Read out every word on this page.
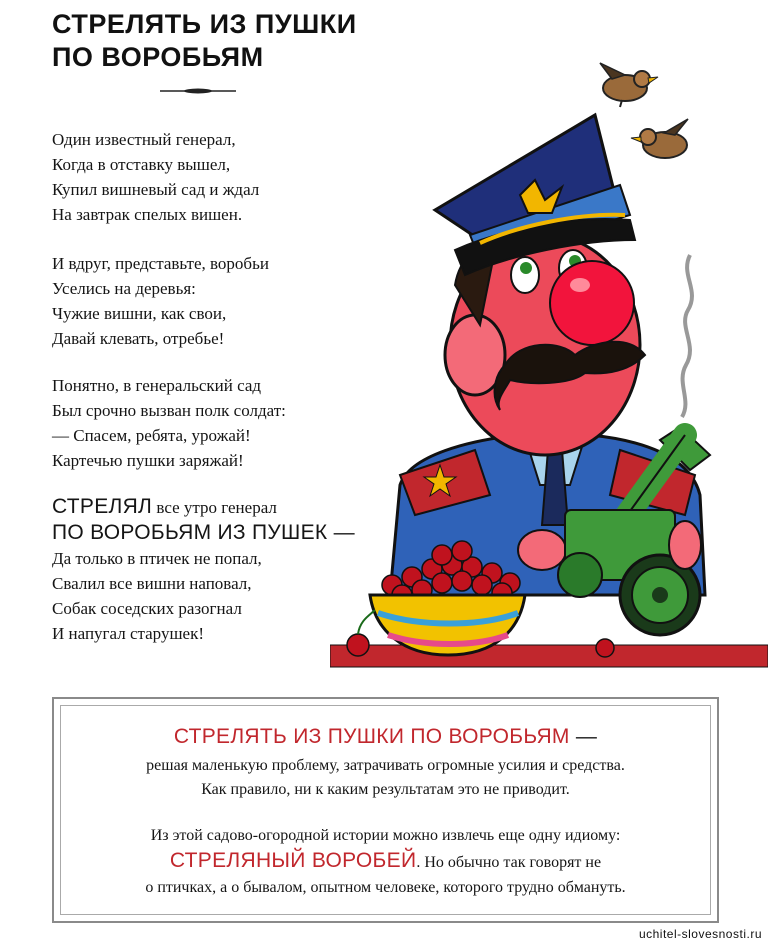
СТРЕЛЯТЬ ИЗ ПУШКИ
ПО ВОРОБЬЯМ
Один известный генерал,
Когда в отставку вышел,
Купил вишневый сад и ждал
На завтрак спелых вишен.
И вдруг, представьте, воробьи
Уселись на деревья:
Чужие вишни, как свои,
Давай клевать, отребье!
Понятно, в генеральский сад
Был срочно вызван полк солдат:
— Спасем, ребята, урожай!
Картечью пушки заряжай!
СТРЕЛЯЛ все утро генерал
ПО ВОРОБЬЯМ ИЗ ПУШЕК —
Да только в птичек не попал,
Свалил все вишни наповал,
Собак соседских разогнал
И напугал старушек!
СТРЕЛЯТЬ ИЗ ПУШКИ ПО ВОРОБЬЯМ —
решая маленькую проблему, затрачивать огромные усилия и средства.
Как правило, ни к каким результатам это не приводит.
Из этой садово-огородной истории можно извлечь еще одну идиому:
СТРЕЛЯНЫЙ ВОРОБЕЙ. Но обычно так говорят не
о птичках, а о бывалом, опытном человеке, которого трудно обмануть.
uchitel-slovesnosti.ru
